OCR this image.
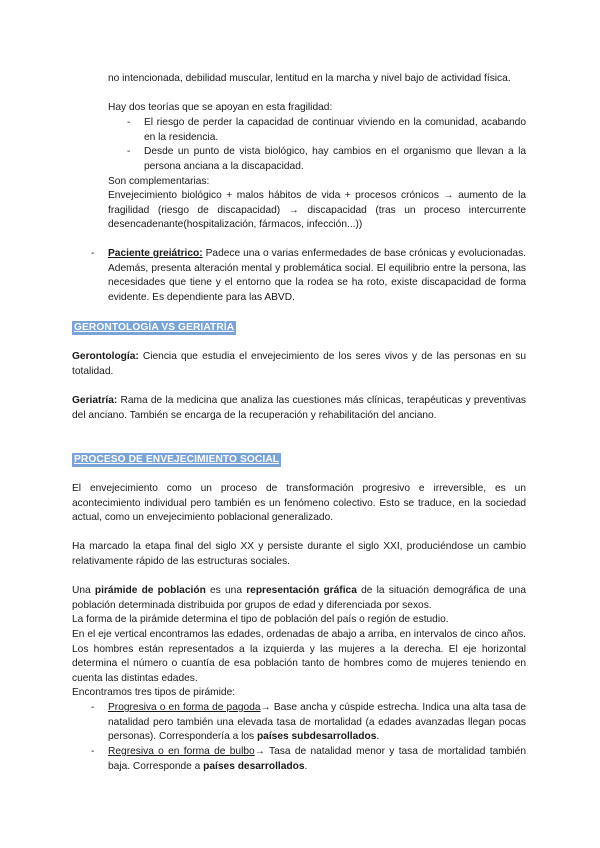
no intencionada, debilidad muscular, lentitud en la marcha y nivel bajo de actividad física.

Hay dos teorías que se apoyan en esta fragilidad:

- El riesgo de perder la capacidad de continuar viviendo en la comunidad, acabando en la residencia.

- Desde un punto de vista biológico, hay cambios en el organismo que llevan a la persona anciana a la discapacidad.

Son complementarias:

Envejecimiento biológico + malos hábitos de vida + procesos crónicos → aumento de la fragilidad (riesgo de discapacidad) → discapacidad (tras un proceso intercurrente desencadenante(hospitalización, fármacos, infección...))

- Paciente greiátrico: Padece una o varias enfermedades de base crónicas y evolucionadas. Además, presenta alteración mental y problemática social. El equilibrio entre la persona, las necesidades que tiene y el entorno que la rodea se ha roto, existe discapacidad de forma evidente. Es dependiente para las ABVD.

GERONTOLOGÍA VS GERIATRÍA

Gerontología: Ciencia que estudia el envejecimiento de los seres vivos y de las personas en su totalidad.

Geriatría: Rama de la medicina que analiza las cuestiones más clínicas, terapéuticas y preventivas del anciano. También se encarga de la recuperación y rehabilitación del anciano.

PROCESO DE ENVEJECIMIENTO SOCIAL

El envejecimiento como un proceso de transformación progresivo e irreversible, es un acontecimiento individual pero también es un fenómeno colectivo. Esto se traduce, en la sociedad actual, como un envejecimiento poblacional generalizado.

Ha marcado la etapa final del siglo XX y persiste durante el siglo XXI, produciéndose un cambio relativamente rápido de las estructuras sociales.

Una pirámide de población es una representación gráfica de la situación demográfica de una población determinada distribuida por grupos de edad y diferenciada por sexos.

La forma de la pirámide determina el tipo de población del país o región de estudio.

En el eje vertical encontramos las edades, ordenadas de abajo a arriba, en intervalos de cinco años. Los hombres están representados a la izquierda y las mujeres a la derecha. El eje horizontal determina el número o cuantía de esa población tanto de hombres como de mujeres teniendo en cuenta las distintas edades.

Encontramos tres tipos de pirámide:

- Progresiva o en forma de pagoda→ Base ancha y cúspide estrecha. Indica una alta tasa de natalidad pero también una elevada tasa de mortalidad (a edades avanzadas llegan pocas personas). Correspondería a los países subdesarrollados.

- Regresiva o en forma de bulbo→ Tasa de natalidad menor y tasa de mortalidad también baja. Corresponde a países desarrollados.
